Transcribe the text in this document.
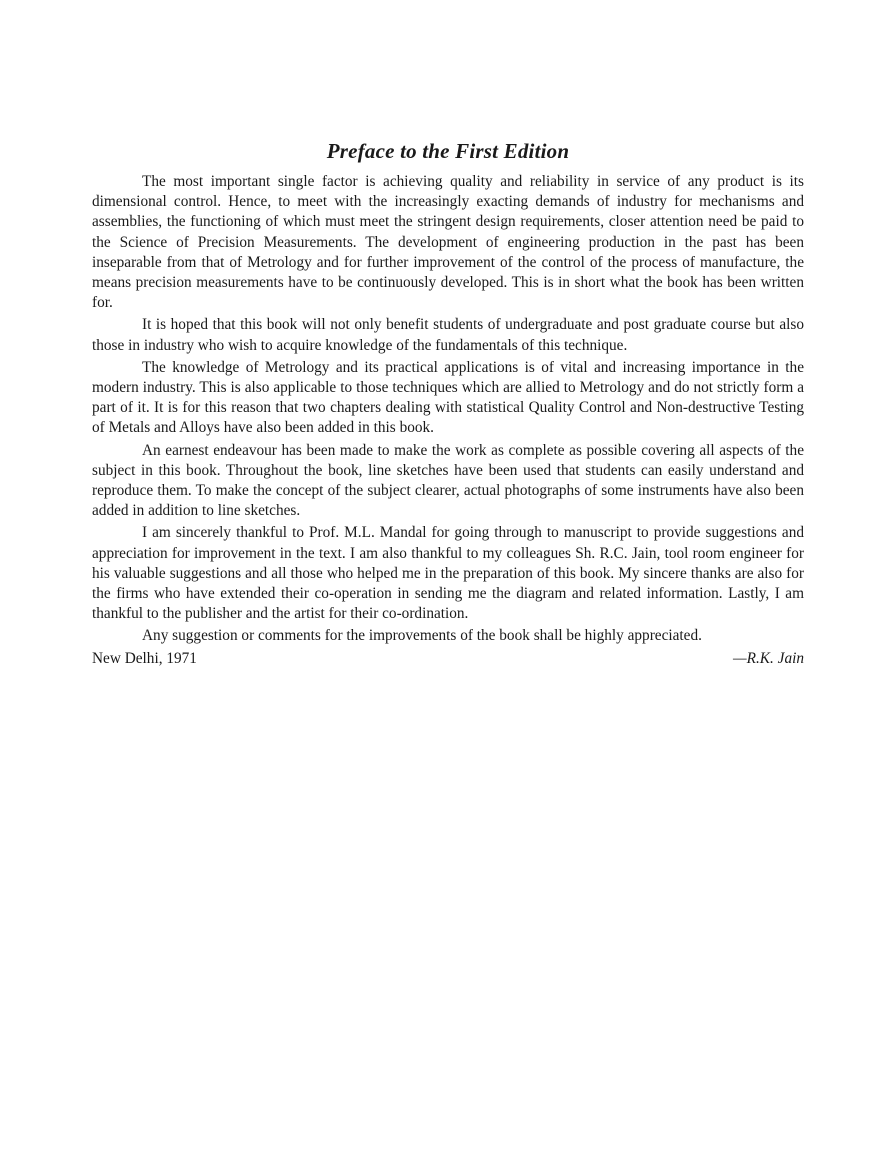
Preface to the First Edition

The most important single factor is achieving quality and reliability in service of any product is its dimensional control. Hence, to meet with the increasingly exacting demands of industry for mechanisms and assemblies, the functioning of which must meet the stringent design requirements, closer attention need be paid to the Science of Precision Measurements. The development of engineering production in the past has been inseparable from that of Metrology and for further improvement of the control of the process of manufacture, the means precision measurements have to be continuously developed. This is in short what the book has been written for.

It is hoped that this book will not only benefit students of undergraduate and post graduate course but also those in industry who wish to acquire knowledge of the fundamentals of this technique.

The knowledge of Metrology and its practical applications is of vital and increasing importance in the modern industry. This is also applicable to those techniques which are allied to Metrology and do not strictly form a part of it. It is for this reason that two chapters dealing with statistical Quality Control and Non-destructive Testing of Metals and Alloys have also been added in this book.

An earnest endeavour has been made to make the work as complete as possible covering all aspects of the subject in this book. Throughout the book, line sketches have been used that students can easily understand and reproduce them. To make the concept of the subject clearer, actual photographs of some instruments have also been added in addition to line sketches.

I am sincerely thankful to Prof. M.L. Mandal for going through to manuscript to provide suggestions and appreciation for improvement in the text. I am also thankful to my colleagues Sh. R.C. Jain, tool room engineer for his valuable suggestions and all those who helped me in the preparation of this book. My sincere thanks are also for the firms who have extended their co-operation in sending me the diagram and related information. Lastly, I am thankful to the publisher and the artist for their co-ordination.

Any suggestion or comments for the improvements of the book shall be highly appreciated.

New Delhi, 1971	—R.K. Jain
